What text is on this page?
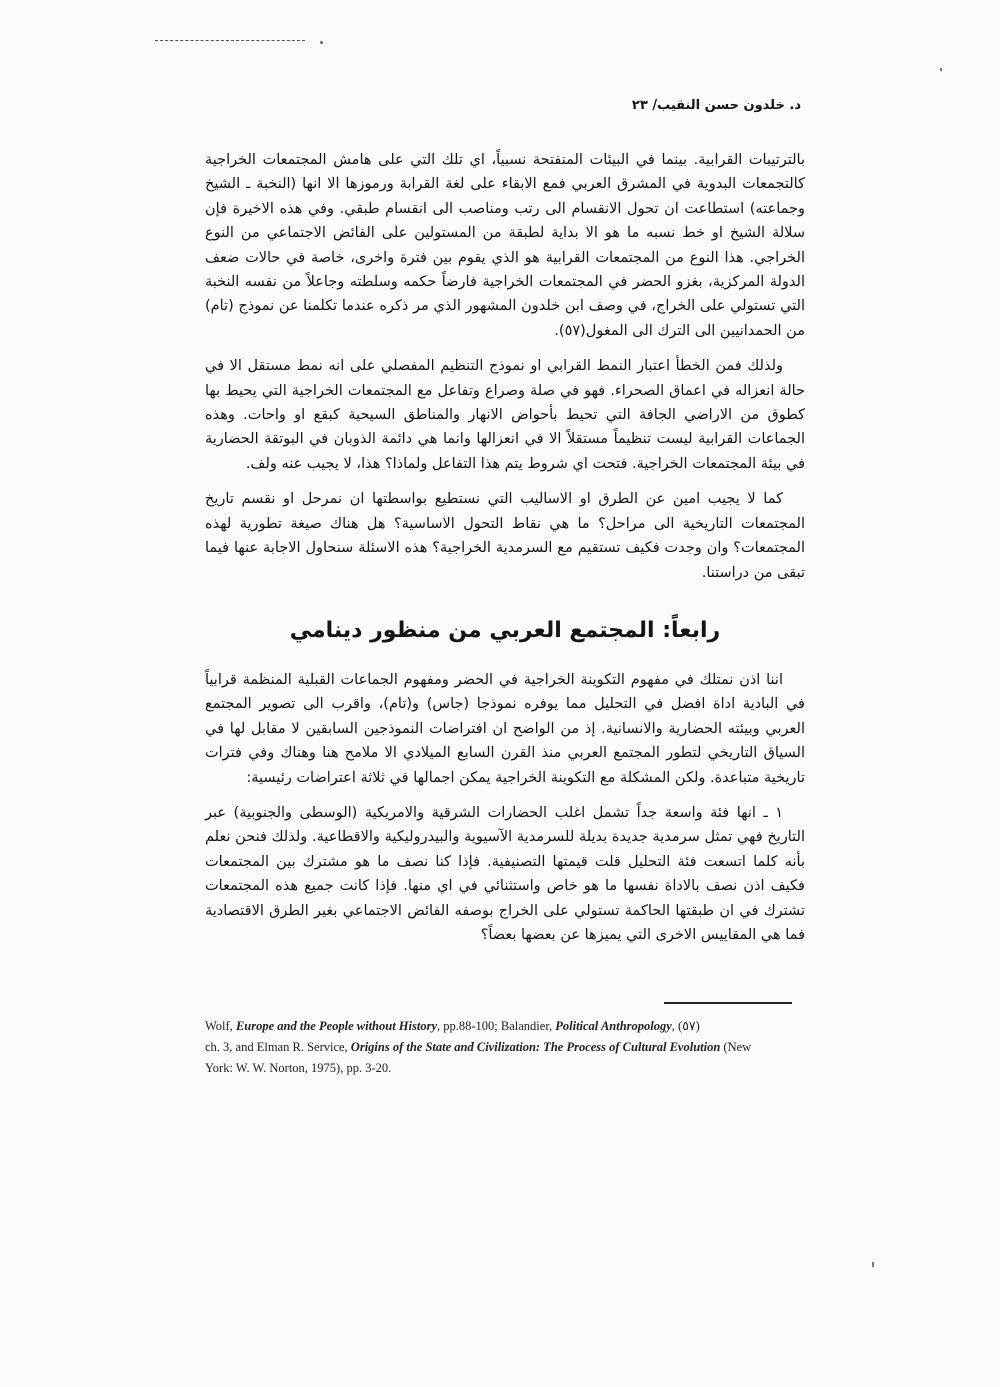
د. خلدون حسن النقيب/ ٢٣

بالترتيبات القرابية. بينما في البيئات المنفتحة نسبياً، اي تلك التي على هامش المجتمعات الخراجية كالتجمعات البدوية في المشرق العربي فمع الابقاء على لغة القرابة ورموزها الا انها (النخبة ـ الشيخ وجماعته) استطاعت ان تحول الانقسام الى رتب ومناصب الى انقسام طبقي. وفي هذه الاخيرة فإن سلالة الشيخ او خط نسبه ما هو الا بداية لطبقة من المستولين على الفائض الاجتماعي من النوع الخراجي. هذا النوع من المجتمعات القرابية هو الذي يقوم بين فترة واخرى، خاصة في حالات ضعف الدولة المركزية، بغزو الحضر في المجتمعات الخراجية فارضاً حكمه وسلطته وجاعلاً من نفسه النخبة التي تستولي على الخراج، في وصف ابن خلدون المشهور الذي مر ذكره عندما تكلمنا عن نموذج (تام) من الحمدانيين الى الترك الى المغول(٥٧).

ولذلك فمن الخطأ اعتبار النمط القرابي او نموذج التنظيم المفصلي على انه نمط مستقل الا في حالة انعزاله في اعماق الصحراء. فهو في صلة وصراع وتفاعل مع المجتمعات الخراجية التي يحيط بها كطوق من الاراضي الجافة التي تحيط بأحواض الانهار والمناطق السيحية كبقع او واحات. وهذه الجماعات القرابية ليست تنظيماً مستقلاً الا في انعزالها وانما هي دائمة الذوبان في البوتقة الحضارية في بيئة المجتمعات الخراجية. فتحت اي شروط يتم هذا التفاعل ولماذا؟ هذا، لا يجيب عنه ولف.

كما لا يجيب امين عن الطرق او الاساليب التي نستطيع بواسطتها ان نمرحل او نقسم تاريخ المجتمعات التاريخية الى مراحل؟ ما هي نقاط التحول الاساسية؟ هل هناك صيغة تطورية لهذه المجتمعات؟ وان وجدت فكيف تستقيم مع السرمدية الخراجية؟ هذه الاسئلة سنحاول الاجابة عنها فيما تبقى من دراستنا.

رابعاً: المجتمع العربي من منظور دينامي

اننا اذن نمتلك في مفهوم التكوينة الخراجية في الحضر ومفهوم الجماعات القبلية المنظمة قرابياً في البادية اداة افضل في التحليل مما يوفره نموذجا (جاس) و(تام)، واقرب الى تصوير المجتمع العربي وبيئته الحضارية والانسانية. إذ من الواضح ان افتراضات النموذجين السابقين لا مقابل لها في السياق التاريخي لتطور المجتمع العربي منذ القرن السابع الميلادي الا ملامح هنا وهناك وفي فترات تاريخية متباعدة. ولكن المشكلة مع التكوينة الخراجية يمكن اجمالها في ثلاثة اعتراضات رئيسية:

١ ـ انها فئة واسعة جداً تشمل اغلب الحضارات الشرقية والامريكية (الوسطى والجنوبية) عبر التاريخ فهي تمثل سرمدية جديدة بديلة للسرمدية الآسيوية والبيدروليكية والاقطاعية. ولذلك فنحن نعلم بأنه كلما اتسعت فئة التحليل قلت قيمتها التصنيفية. فإذا كنا نصف ما هو مشترك بين المجتمعات فكيف اذن نصف بالاداة نفسها ما هو خاص واستثنائي في اي منها. فإذا كانت جميع هذه المجتمعات تشترك في ان طبقتها الحاكمة تستولي على الخراج بوصفه الفائض الاجتماعي بغير الطرق الاقتصادية فما هي المقاييس الاخرى التي يميزها عن بعضها بعضاً؟

Wolf, Europe and the People without History, pp.88-100; Balandier, Political Anthropology, (٥٧)
ch. 3, and Elman R. Service, Origins of the State and Civilization: The Process of Cultural Evolution (New
York: W. W. Norton, 1975), pp. 3-20.
